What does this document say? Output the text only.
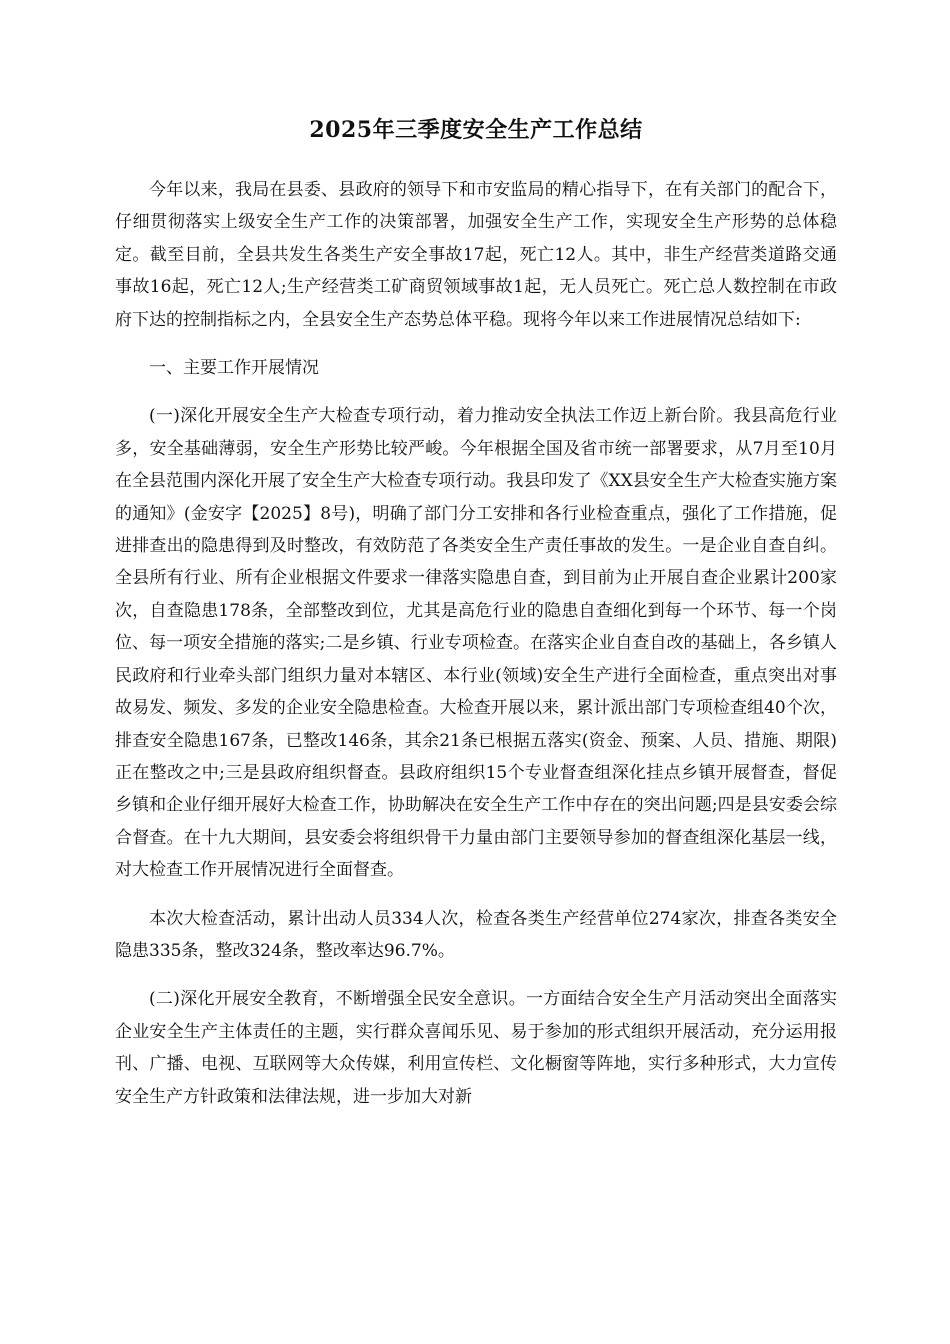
2025年三季度安全生产工作总结

今年以来，我局在县委、县政府的领导下和市安监局的精心指导下，在有关部门的配合下，仔细贯彻落实上级安全生产工作的决策部署，加强安全生产工作，实现安全生产形势的总体稳定。截至目前，全县共发生各类生产安全事故17起，死亡12人。其中，非生产经营类道路交通事故16起，死亡12人;生产经营类工矿商贸领域事故1起，无人员死亡。死亡总人数控制在市政府下达的控制指标之内，全县安全生产态势总体平稳。现将今年以来工作进展情况总结如下:

一、主要工作开展情况

(一)深化开展安全生产大检查专项行动，着力推动安全执法工作迈上新台阶。我县高危行业多，安全基础薄弱，安全生产形势比较严峻。今年根据全国及省市统一部署要求，从7月至10月在全县范围内深化开展了安全生产大检查专项行动。我县印发了《XX县安全生产大检查实施方案的通知》(金安字【2025】8号)，明确了部门分工安排和各行业检查重点，强化了工作措施，促进排查出的隐患得到及时整改，有效防范了各类安全生产责任事故的发生。一是企业自查自纠。全县所有行业、所有企业根据文件要求一律落实隐患自查，到目前为止开展自查企业累计200家次，自查隐患178条，全部整改到位，尤其是高危行业的隐患自查细化到每一个环节、每一个岗位、每一项安全措施的落实;二是乡镇、行业专项检查。在落实企业自查自改的基础上，各乡镇人民政府和行业牵头部门组织力量对本辖区、本行业(领域)安全生产进行全面检查，重点突出对事故易发、频发、多发的企业安全隐患检查。大检查开展以来，累计派出部门专项检查组40个次，排查安全隐患167条，已整改146条，其余21条已根据五落实(资金、预案、人员、措施、期限)正在整改之中;三是县政府组织督查。县政府组织15个专业督查组深化挂点乡镇开展督查，督促乡镇和企业仔细开展好大检查工作，协助解决在安全生产工作中存在的突出问题;四是县安委会综合督查。在十九大期间，县安委会将组织骨干力量由部门主要领导参加的督查组深化基层一线，对大检查工作开展情况进行全面督查。

本次大检查活动，累计出动人员334人次，检查各类生产经营单位274家次，排查各类安全隐患335条，整改324条，整改率达96.7%。

(二)深化开展安全教育，不断增强全民安全意识。一方面结合安全生产月活动突出全面落实企业安全生产主体责任的主题，实行群众喜闻乐见、易于参加的形式组织开展活动，充分运用报刊、广播、电视、互联网等大众传媒，利用宣传栏、文化橱窗等阵地，实行多种形式，大力宣传安全生产方针政策和法律法规，进一步加大对新
